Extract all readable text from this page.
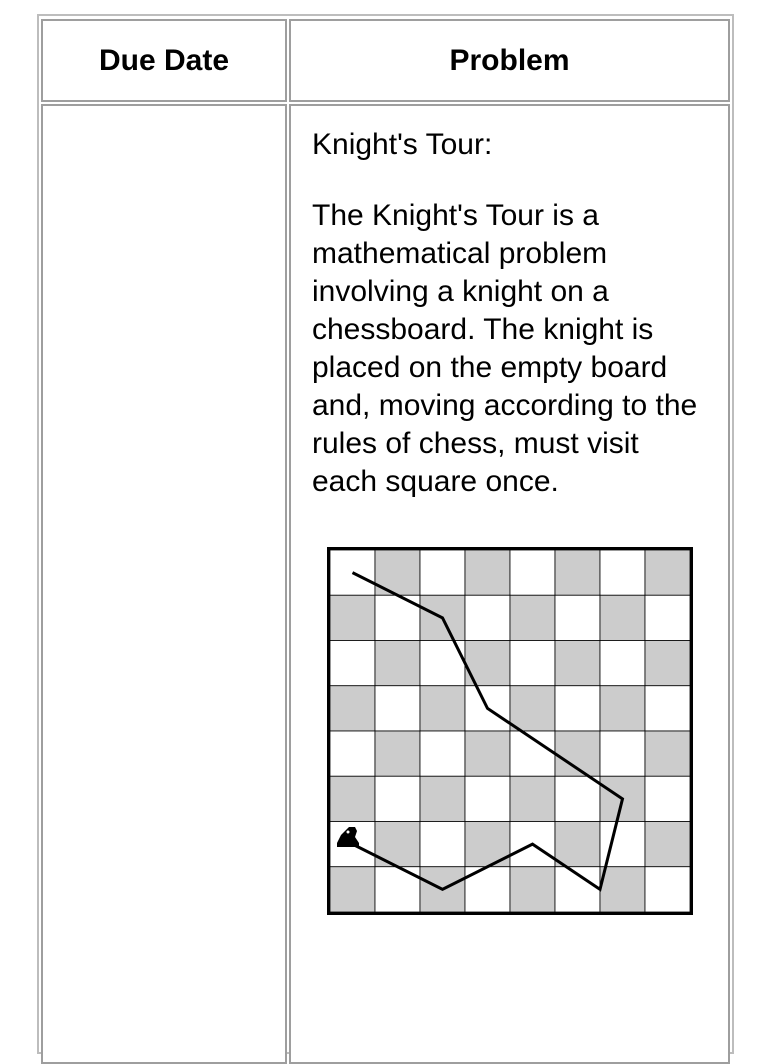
Due Date	Problem

Knight's Tour:

The Knight's Tour is a mathematical problem involving a knight on a chessboard. The knight is placed on the empty board and, moving according to the rules of chess, must visit each square once.
